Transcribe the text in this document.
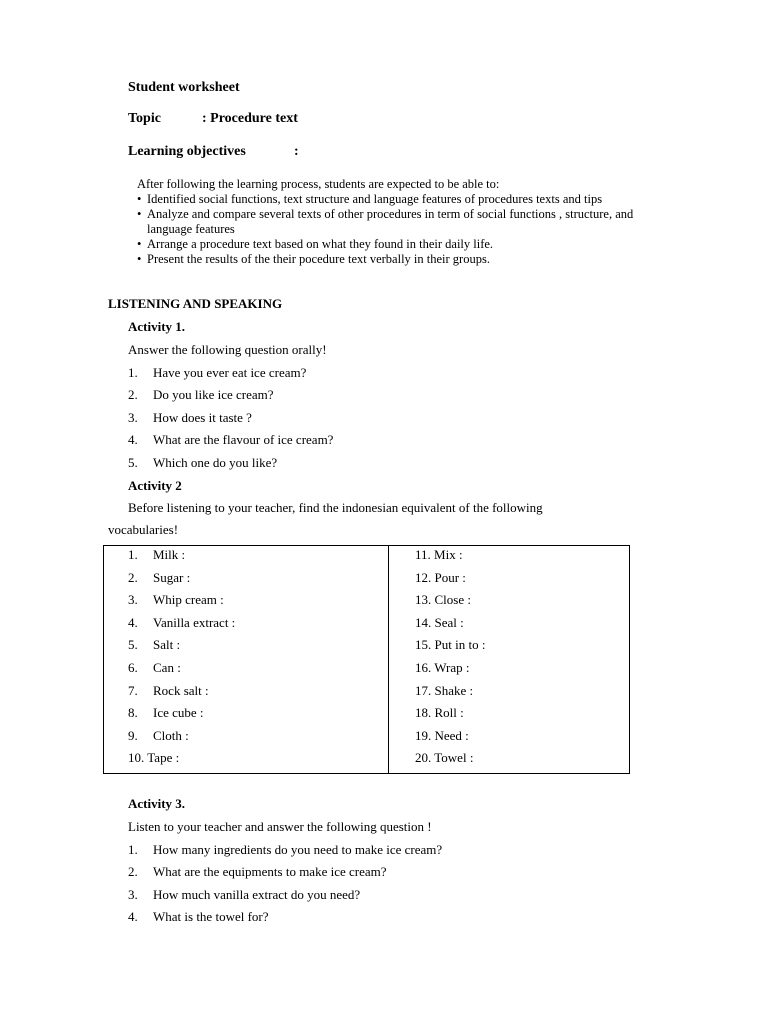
Student worksheet
Topic	: Procedure text
Learning objectives	:
After following the learning process, students are expected to be able to:
• Identified social functions, text structure and language features of procedures texts and tips
• Analyze and compare several texts of other procedures in term of social functions , structure, and language features
• Arrange a procedure text based on what they found in their daily life.
• Present the results of the their pocedure text verbally in their groups.
LISTENING AND SPEAKING
Activity 1.
Answer the following question orally!
1. Have you ever eat ice cream?
2. Do you like ice cream?
3. How does it taste ?
4. What are the flavour of ice cream?
5. Which one do you like?
Activity 2
Before listening to your teacher, find the indonesian equivalent of the following
vocabularies!
1. Milk :
2. Sugar :
3. Whip cream :
4. Vanilla extract :
5. Salt :
6. Can :
7. Rock salt :
8. Ice cube :
9. Cloth :
10. Tape :

11. Mix :
12. Pour :
13. Close :
14. Seal :
15. Put in to :
16. Wrap :
17. Shake :
18. Roll :
19. Need :
20. Towel :
Activity 3.
Listen to your teacher and answer the following question !
1. How many ingredients do you need to make ice cream?
2. What are the equipments to make ice cream?
3. How much vanilla extract do you need?
4. What is the towel for?
